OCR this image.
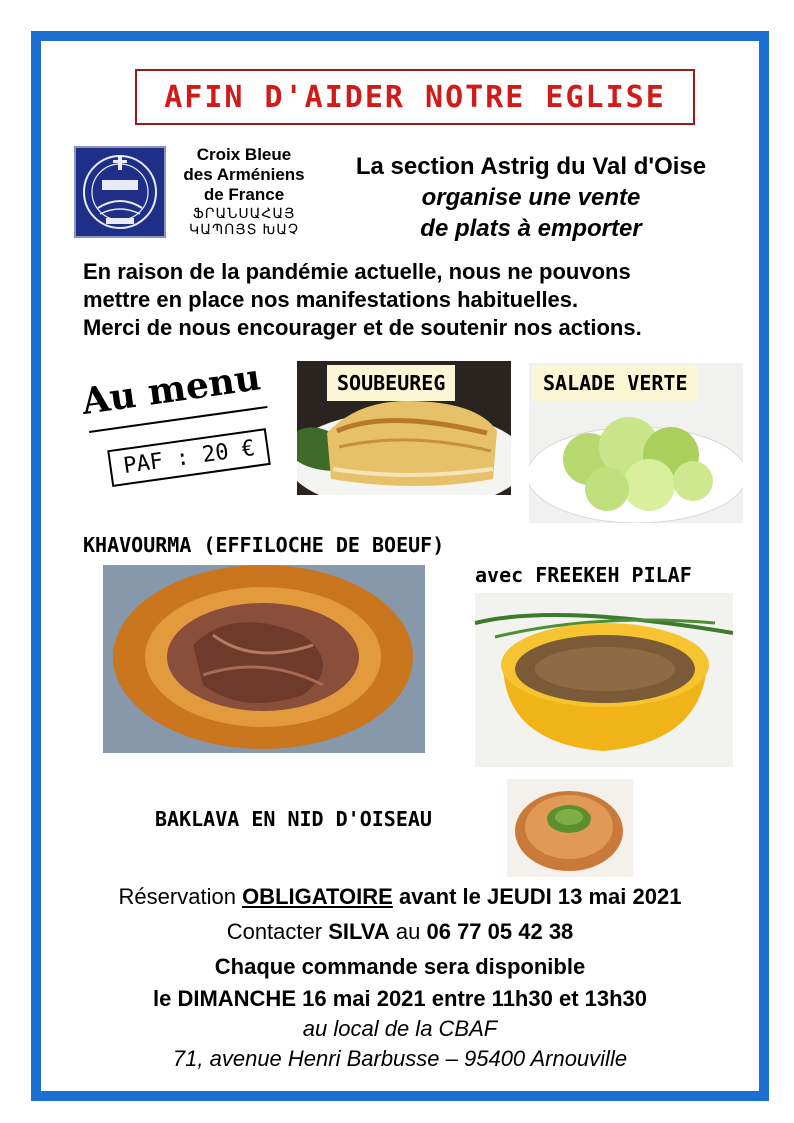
AFIN D'AIDER NOTRE EGLISE
Croix Bleue
des Arméniens
de France
ՖՐԱՆՍԱՀԱՅ
ԿԱՊՈՅՏ ԽԱՉ
La section Astrig du Val d'Oise
organise une vente
de plats à emporter
En raison de la pandémie actuelle, nous ne pouvons
mettre en place nos manifestations habituelles.
Merci de nous encourager et de soutenir nos actions.
Au menu
PAF : 20 €
SOUBEUREG	SALADE VERTE
KHAVOURMA (EFFILOCHE DE BOEUF)
avec FREEKEH PILAF
BAKLAVA EN NID D'OISEAU
Réservation OBLIGATOIRE avant le JEUDI 13 mai 2021
Contacter SILVA au 06 77 05 42 38
Chaque commande sera disponible
le DIMANCHE 16 mai 2021 entre 11h30 et 13h30
au local de la CBAF
71, avenue Henri Barbusse – 95400 Arnouville
